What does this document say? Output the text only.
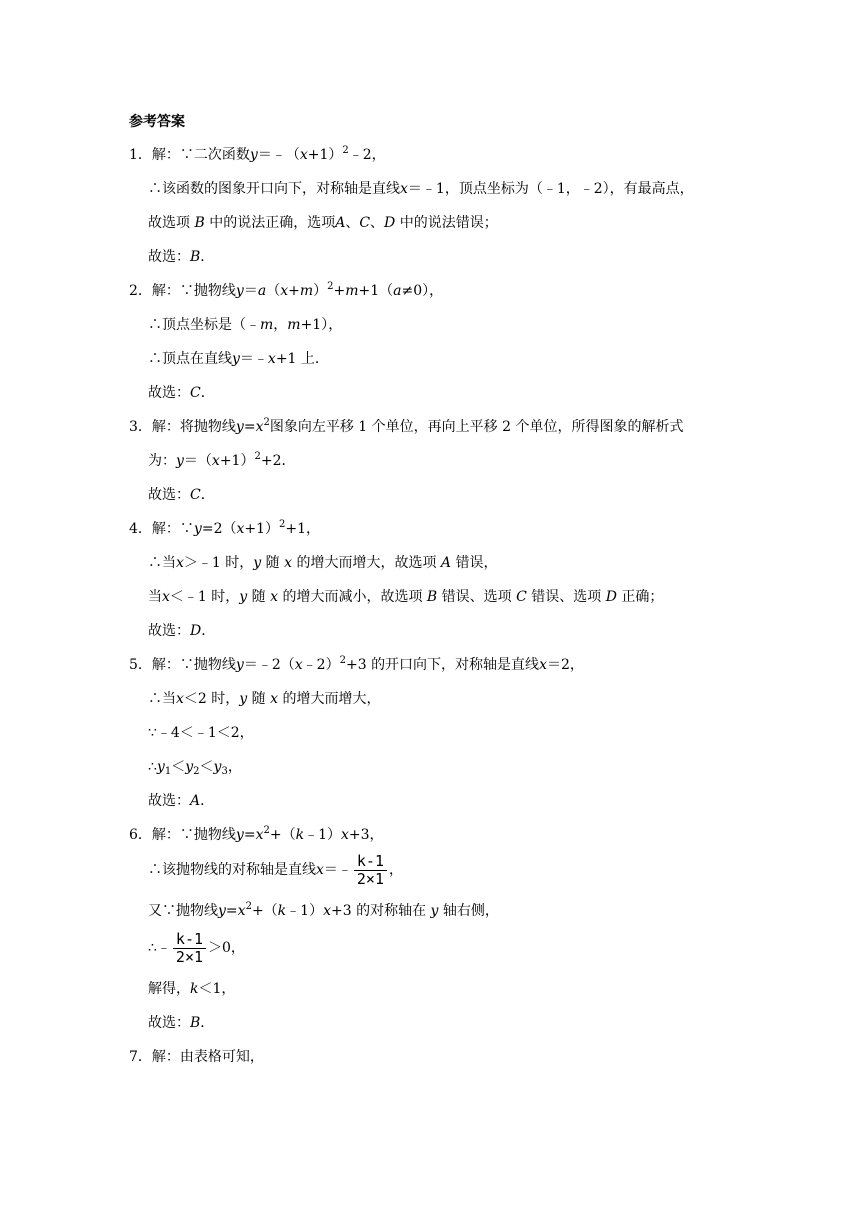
参考答案
1．解：∵二次函数$y=﹣(x+1)^2﹣2$，
∴该函数的图象开口向下，对称轴是直线x＝﹣1，顶点坐标为（﹣1，﹣2），有最高点，
故选项 B 中的说法正确，选项A、C、D 中的说法错误；
故选：B．
2．解：∵抛物线$y=a(x+m)^2+m+1(a\ne 0)$，
∴顶点坐标是（﹣m，m+1），
∴顶点在直线y＝﹣x+1 上．
故选：C．
3．解：将抛物线$y=x^2$图象向左平移 1 个单位，再向上平移 2 个单位，所得图象的解析式
为：$y=(x+1)^2+2$．
故选：C．
4．解：$\because y=2(x+1)^2+1$，
∴当x＞﹣1 时，y 随 x 的增大而增大，故选项 A 错误，
当x＜﹣1 时，y 随 x 的增大而减小，故选项 B 错误、选项 C 错误、选项 D 正确；
故选：D．
5．解：∵抛物线y＝﹣2（x﹣2）$^2$+3 的开口向下，对称轴是直线x＝2，
∴当x＜2 时，y 随 x 的增大而增大，
∵﹣4＜﹣1＜2，
$\therefore y_1<y_2<y_3$，
故选：A．
6．解：∵抛物线$y=x^2+(k﹣1)x+3$，
∴该抛物线的对称轴是直线x＝﹣ $\frac{k-1}{2\times 1}$ ，
又∵抛物线$y=x^2+(k﹣1)x+3$ 的对称轴在 y 轴右侧，
∴﹣ $\frac{k-1}{2\times 1} >0$，
解得，k＜1，
故选：B．
7．解：由表格可知，
